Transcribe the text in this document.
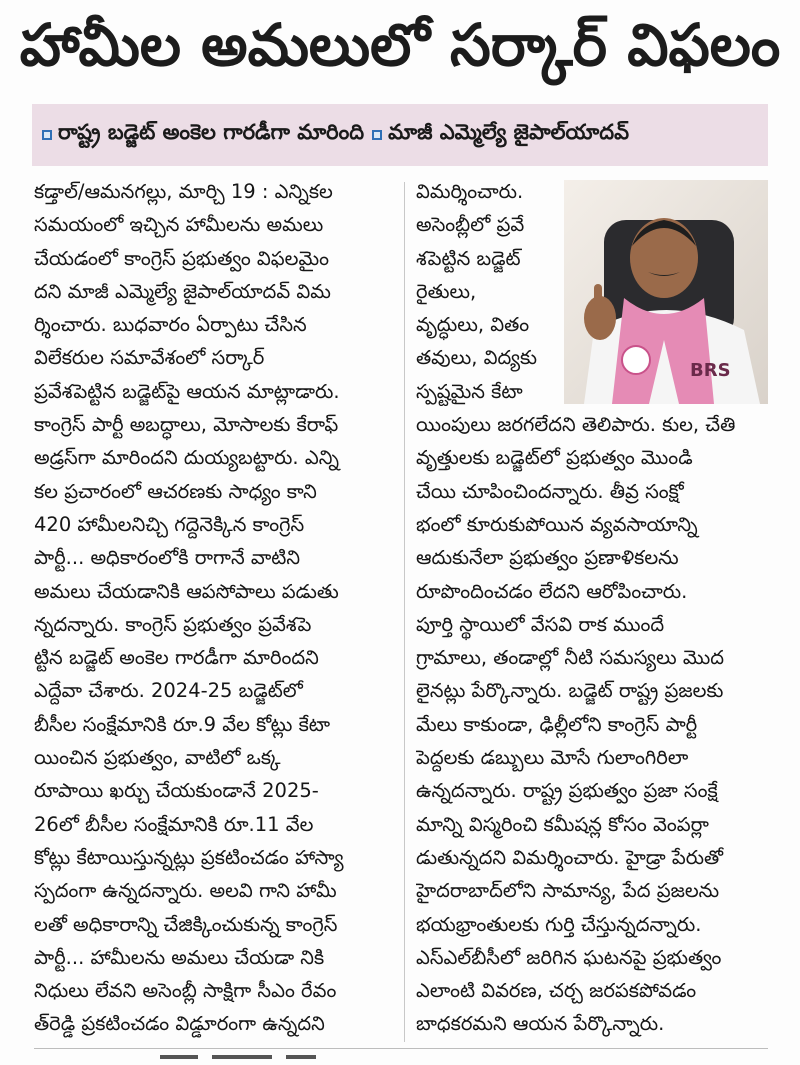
హామీల అమలులో సర్కార్ విఫలం
రాష్ట్ర బడ్జెట్ అంకెల గారడీగా మారింది మాజీ ఎమ్మెల్యే జైపాల్‌యాదవ్
కడ్తాల్/ఆమనగల్లు, మార్చి 19 : ఎన్నికల
సమయంలో ఇచ్చిన హామీలను అమలు
చేయడంలో కాంగ్రెస్ ప్రభుత్వం విఫలమైం
దని మాజీ ఎమ్మెల్యే జైపాల్‌యాదవ్ విమ
ర్శించారు. బుధవారం ఏర్పాటు చేసిన
విలేకరుల సమావేశంలో సర్కార్
ప్రవేశపెట్టిన బడ్జెట్‌పై ఆయన మాట్లాడారు.
కాంగ్రెస్ పార్టీ అబద్ధాలు, మోసాలకు కేరాఫ్
అడ్రస్‌గా మారిందని దుయ్యబట్టారు. ఎన్ని
కల ప్రచారంలో ఆచరణకు సాధ్యం కాని
420 హామీలనిచ్చి గద్దెనెక్కిన కాంగ్రెస్
పార్టీ... అధికారంలోకి రాగానే వాటిని
అమలు చేయడానికి ఆపసోపాలు పడుతు
న్నదన్నారు. కాంగ్రెస్ ప్రభుత్వం ప్రవేశపె
ట్టిన బడ్జెట్ అంకెల గారడీగా మారిందని
ఎద్దేవా చేశారు. 2024-25 బడ్జెట్‌లో
బీసీల సంక్షేమానికి రూ.9 వేల కోట్లు కేటా
యించిన ప్రభుత్వం, వాటిలో ఒక్క
రూపాయి ఖర్చు చేయకుండానే 2025-
26లో బీసీల సంక్షేమానికి రూ.11 వేల
కోట్లు కేటాయిస్తున్నట్లు ప్రకటించడం హాస్యా
స్పదంగా ఉన్నదన్నారు. అలవి గాని హామీ
లతో అధికారాన్ని చేజిక్కించుకున్న కాంగ్రెస్
పార్టీ... హామీలను అమలు చేయడా నికి
నిధులు లేవని అసెంబ్లీ సాక్షిగా సీఎం రేవం
త్‌రెడ్డి ప్రకటించడం విడ్డూరంగా ఉన్నదని
విమర్శించారు.
అసెంబ్లీలో ప్రవే
శపెట్టిన బడ్జెట్
రైతులు,
వృద్ధులు, వితం
తవులు, విద్యకు
స్పష్టమైన కేటా
యింపులు జరగలేదని తెలిపారు. కుల, చేతి
వృత్తులకు బడ్జెట్‌లో ప్రభుత్వం మొండి
చేయి చూపించిందన్నారు. తీవ్ర సంక్షో
భంలో కూరుకుపోయిన వ్యవసాయాన్ని
ఆదుకునేలా ప్రభుత్వం ప్రణాళికలను
రూపొందించడం లేదని ఆరోపించారు.
పూర్తి స్థాయిలో వేసవి రాక ముందే
గ్రామాలు, తండాల్లో నీటి సమస్యలు మొద
లైనట్లు పేర్కొన్నారు. బడ్జెట్ రాష్ట్ర ప్రజలకు
మేలు కాకుండా, ఢిల్లీలోని కాంగ్రెస్ పార్టీ
పెద్దలకు డబ్బులు మోసే గులాంగిరిలా
ఉన్నదన్నారు. రాష్ట్ర ప్రభుత్వం ప్రజా సంక్షే
మాన్ని విస్మరించి కమీషన్ల కోసం వెంపర్లా
డుతున్నదని విమర్శించారు. హైడ్రా పేరుతో
హైదరాబాద్‌లోని సామాన్య, పేద ప్రజలను
భయభ్రాంతులకు గుర్తి చేస్తున్నదన్నారు.
ఎస్ఎల్‌బీసీలో జరిగిన ఘటనపై ప్రభుత్వం
ఎలాంటి వివరణ, చర్చ జరపకపోవడం
బాధకరమని ఆయన పేర్కొన్నారు.
BRS
